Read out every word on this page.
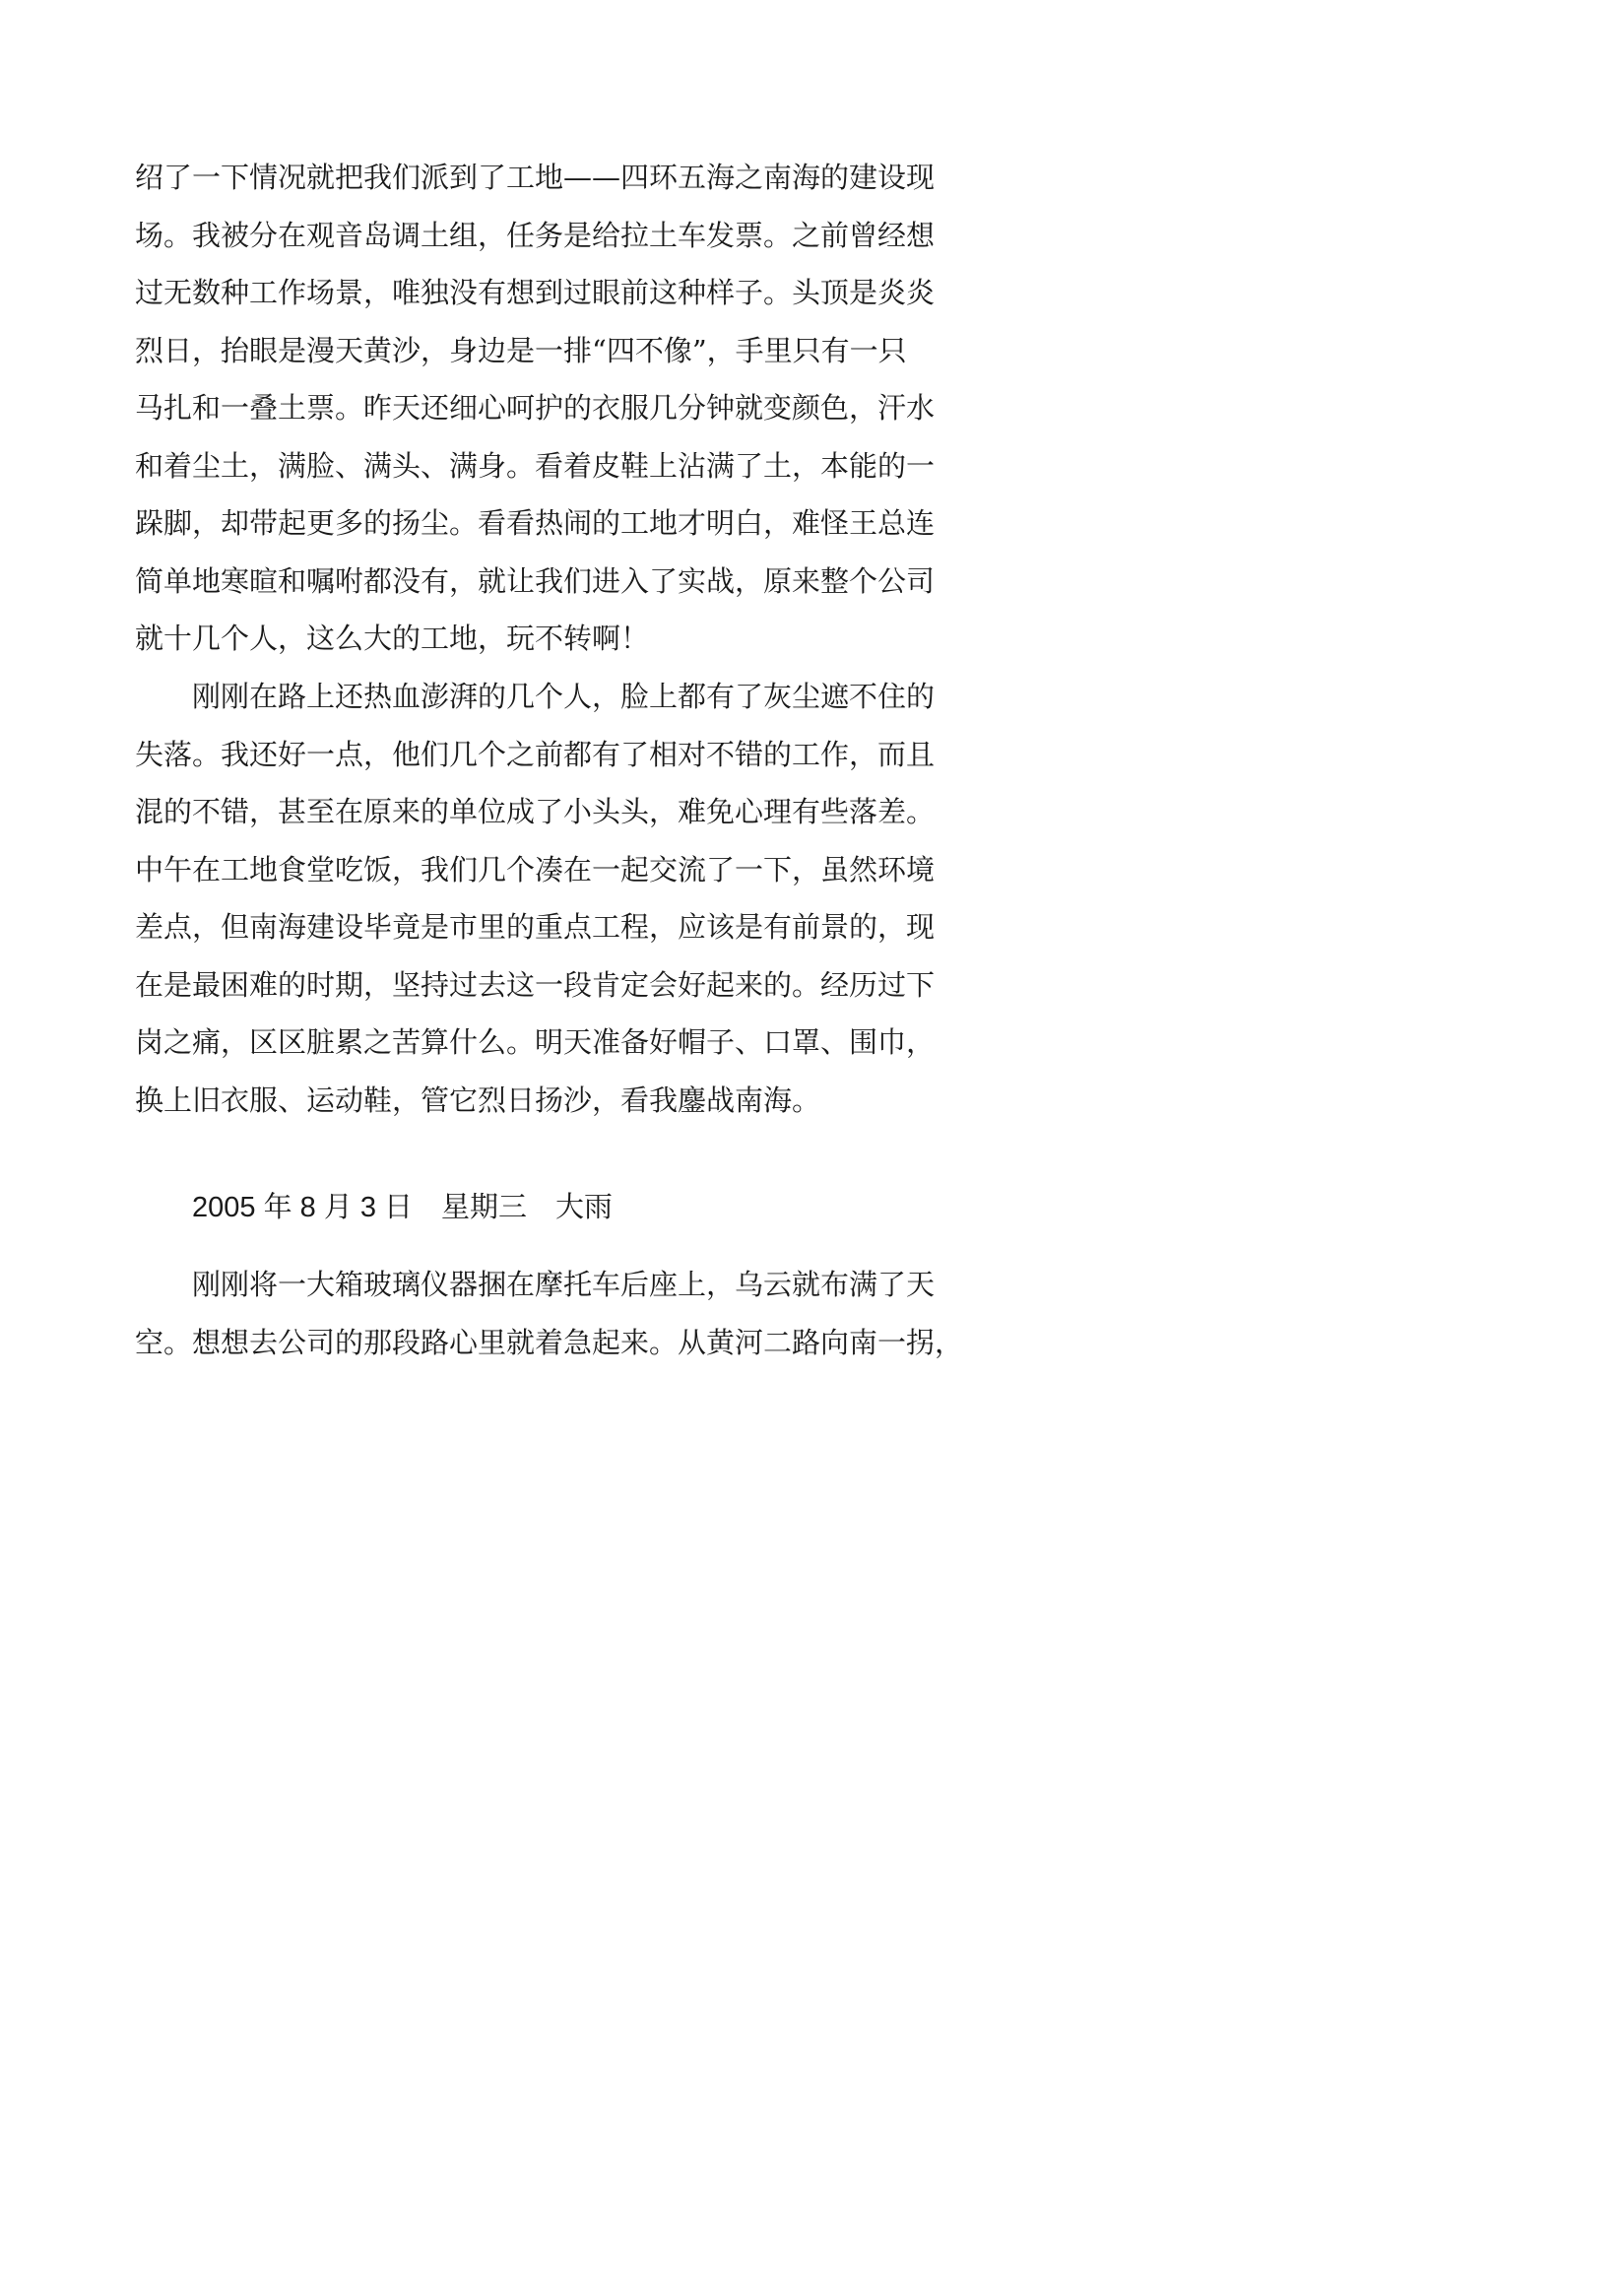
绍了一下情况就把我们派到了工地——四环五海之南海的建设现
场。我被分在观音岛调土组，任务是给拉土车发票。之前曾经想
过无数种工作场景，唯独没有想到过眼前这种样子。头顶是炎炎
烈日，抬眼是漫天黄沙，身边是一排“四不像”，手里只有一只
马扎和一叠土票。昨天还细心呵护的衣服几分钟就变颜色，汗水
和着尘土，满脸、满头、满身。看着皮鞋上沾满了土，本能的一
跺脚，却带起更多的扬尘。看看热闹的工地才明白，难怪王总连
简单地寒暄和嘱咐都没有，就让我们进入了实战，原来整个公司
就十几个人，这么大的工地，玩不转啊！
　　刚刚在路上还热血澎湃的几个人，脸上都有了灰尘遮不住的
失落。我还好一点，他们几个之前都有了相对不错的工作，而且
混的不错，甚至在原来的单位成了小头头，难免心理有些落差。
中午在工地食堂吃饭，我们几个凑在一起交流了一下，虽然环境
差点，但南海建设毕竟是市里的重点工程，应该是有前景的，现
在是最困难的时期，坚持过去这一段肯定会好起来的。经历过下
岗之痛，区区脏累之苦算什么。明天准备好帽子、口罩、围巾，
换上旧衣服、运动鞋，管它烈日扬沙，看我鏖战南海。
2005 年 8 月 3 日　星期三　大雨
　　刚刚将一大箱玻璃仪器捆在摩托车后座上，乌云就布满了天
空。想想去公司的那段路心里就着急起来。从黄河二路向南一拐，
